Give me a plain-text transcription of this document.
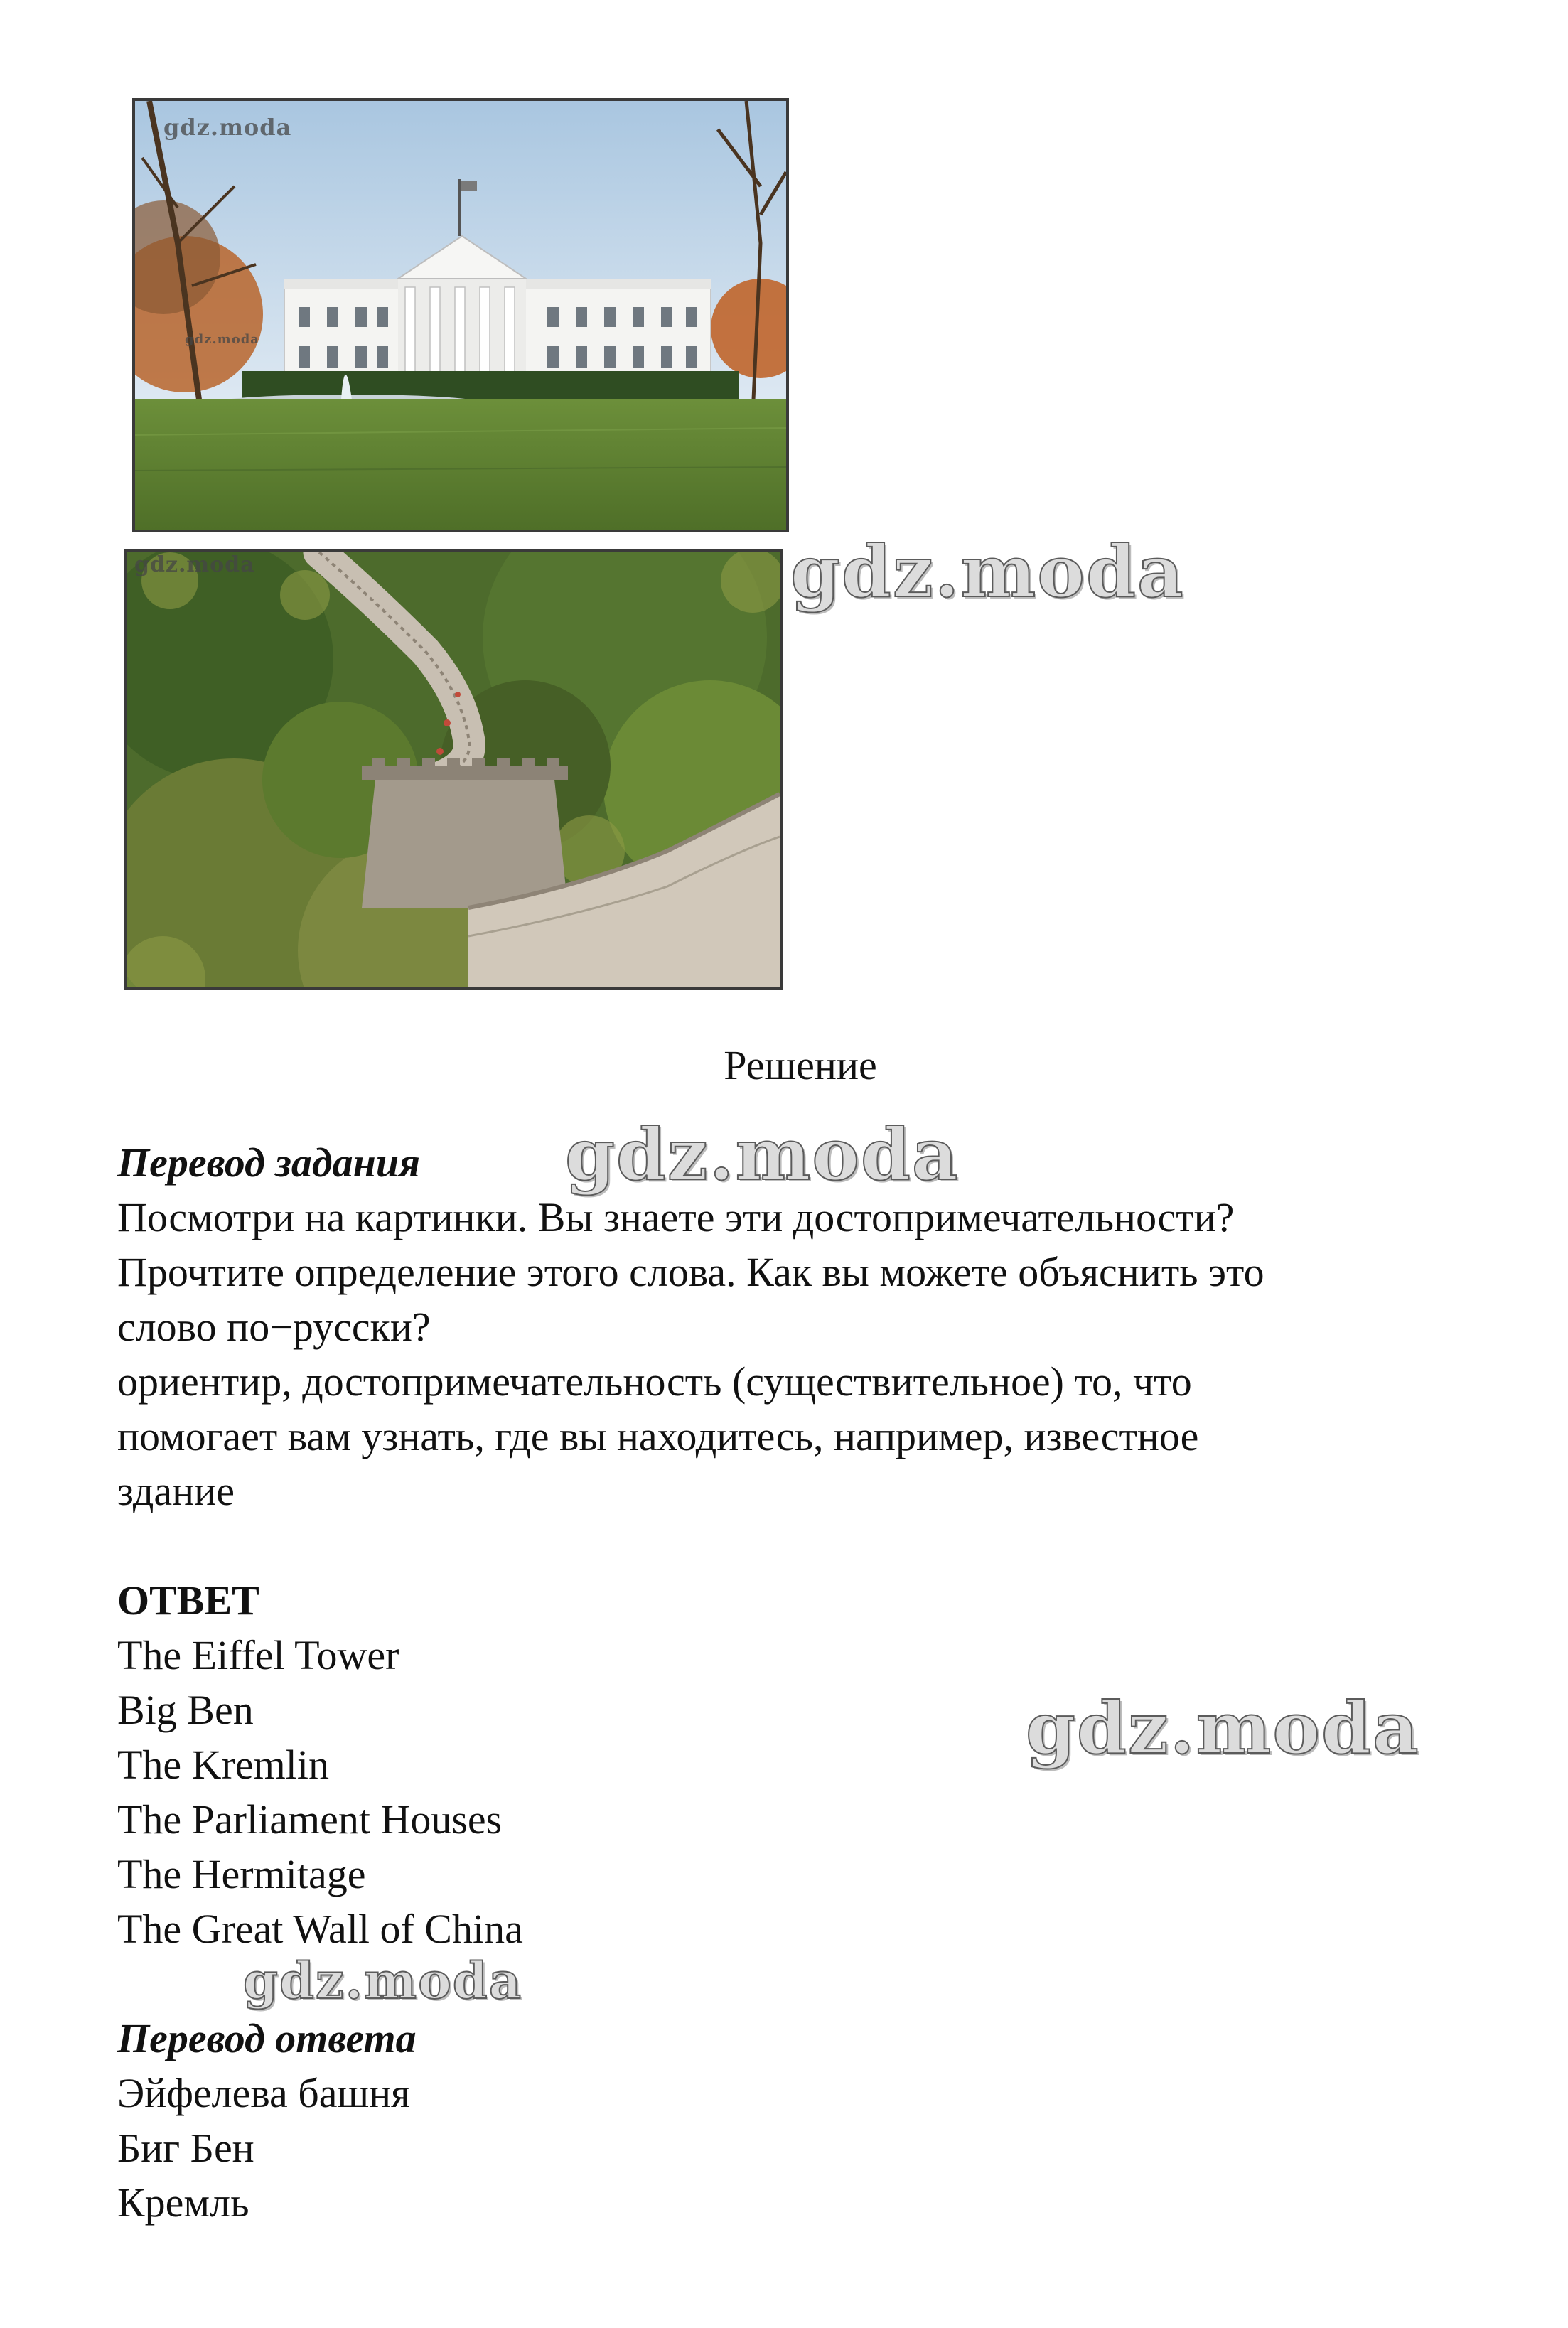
gdz.moda
gdz.moda
gdz.moda	gdz.moda
gdz.moda
gdz.moda
gdz.moda
Решение
Перевод задания
Посмотри на картинки. Вы знаете эти достопримечательности?
Прочтите определение этого слова. Как вы можете объяснить это
слово по−русски?
ориентир, достопримечательность (существительное) то, что
помогает вам узнать, где вы находитесь, например, известное
здание
ОТВЕТ
The Eiffel Tower
Big Ben
The Kremlin
The Parliament Houses
The Hermitage
The Great Wall of China
Перевод ответа
Эйфелева башня
Биг Бен
Кремль
